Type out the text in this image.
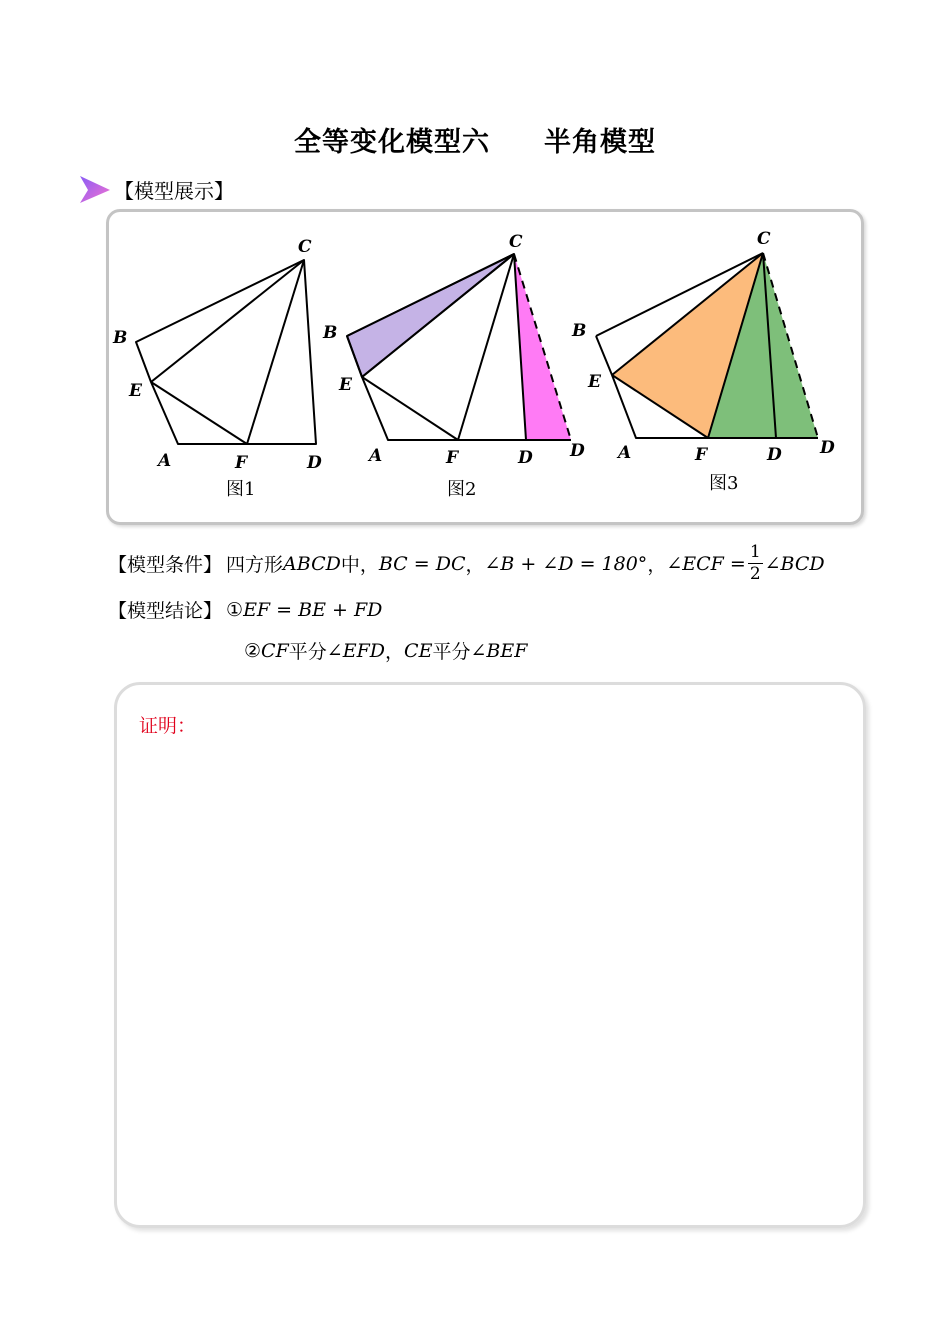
全等变化模型六 半角模型
【模型展示】
C
B
E
A	F	D
图1
C
B
E
A	F	D D
图2
C
B
E
A	F	D D
图3
【模型条件】 四方形 ABCD 中， BC = DC ， ∠B + ∠D = 180° ， ∠ECF = $\frac{1}{2}$ ∠BCD
【模型结论】 ① EF = BE + FD
② CF 平分 ∠EFD ， CE 平分 ∠BEF
证明：
